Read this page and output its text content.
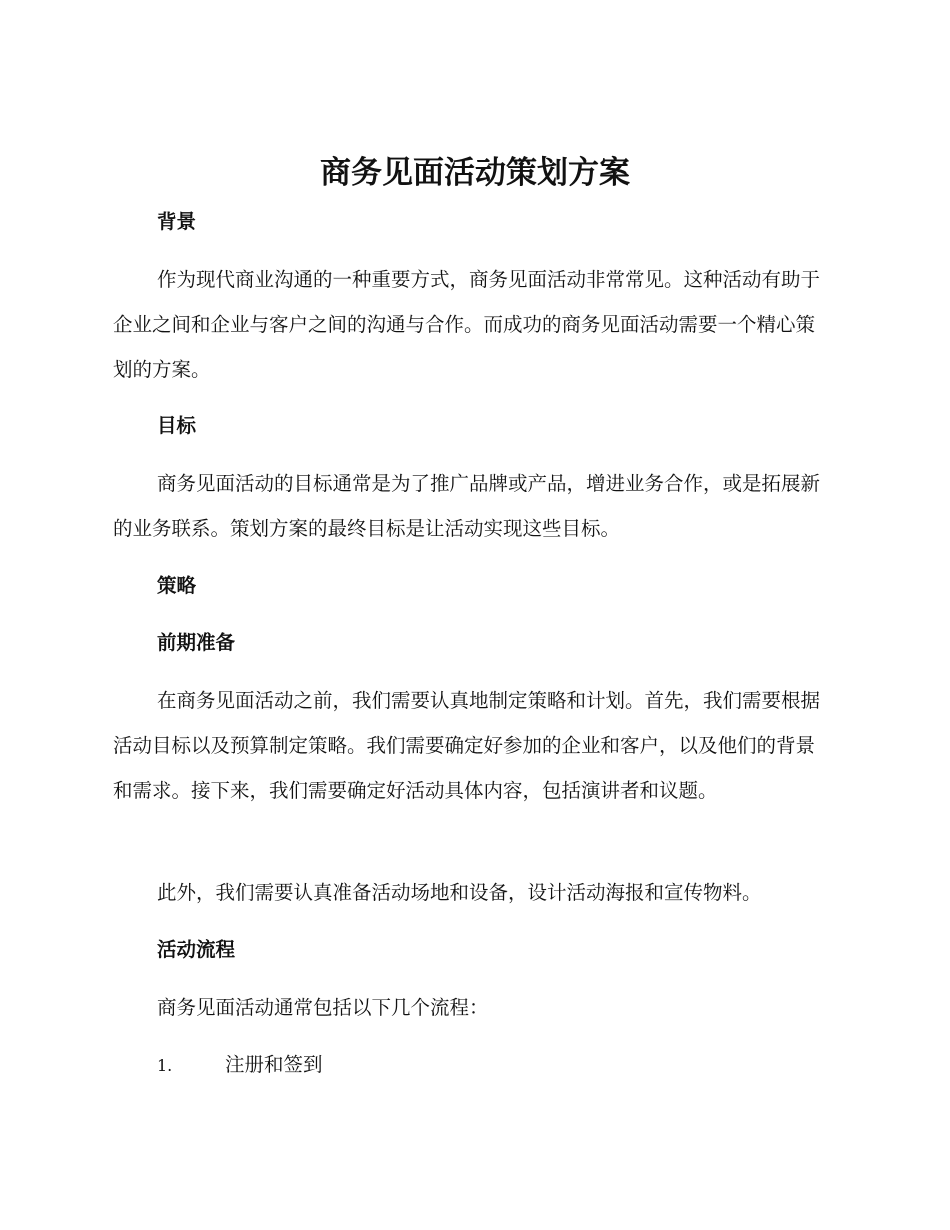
商务见面活动策划方案
背景

作为现代商业沟通的一种重要方式，商务见面活动非常常见。这种活动有助于企业之间和企业与客户之间的沟通与合作。而成功的商务见面活动需要一个精心策划的方案。

目标

商务见面活动的目标通常是为了推广品牌或产品，增进业务合作，或是拓展新的业务联系。策划方案的最终目标是让活动实现这些目标。

策略
前期准备

在商务见面活动之前，我们需要认真地制定策略和计划。首先，我们需要根据活动目标以及预算制定策略。我们需要确定好参加的企业和客户，以及他们的背景和需求。接下来，我们需要确定好活动具体内容，包括演讲者和议题。

此外，我们需要认真准备活动场地和设备，设计活动海报和宣传物料。

活动流程

商务见面活动通常包括以下几个流程：

1.	注册和签到
